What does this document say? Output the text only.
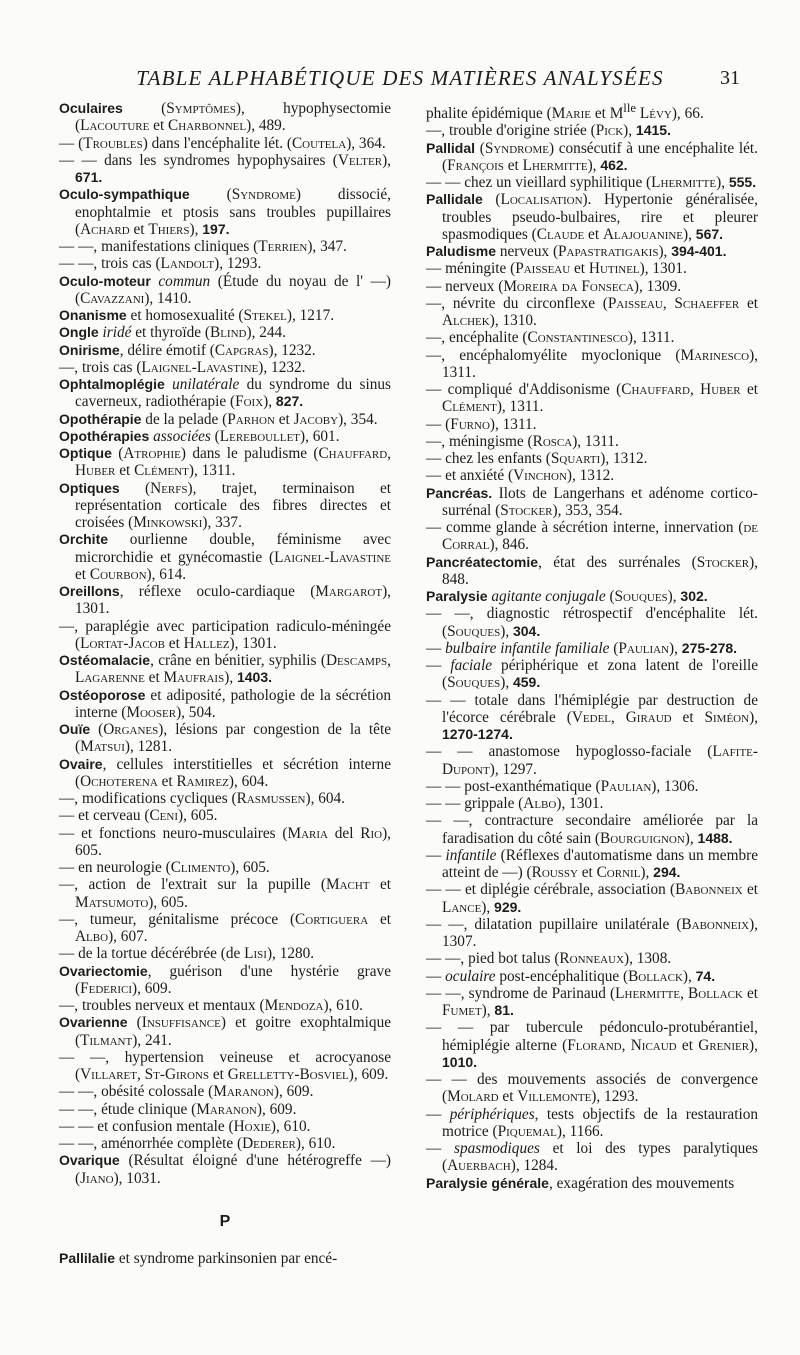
TABLE ALPHABÉTIQUE DES MATIÈRES ANALYSÉES	31
Oculaires (Symptômes), hypophysectomie (Lacouture et Charbonnel), 489.
— (Troubles) dans l'encéphalite lét. (Coutela), 364.
— — dans les syndromes hypophysaires (Velter), 671.
Oculo-sympathique (Syndrome) dissocié, enophtalmie et ptosis sans troubles pupillaires (Achard et Thiers), 197.
— —, manifestations cliniques (Terrien), 347.
— —, trois cas (Landolt), 1293.
Oculo-moteur commun (Étude du noyau de l' —) (Cavazzani), 1410.
Onanisme et homosexualité (Stekel), 1217.
Ongle iridé et thyroïde (Blind), 244.
Onirisme, délire émotif (Capgras), 1232.
—, trois cas (Laignel-Lavastine), 1232.
Ophtalmoplégie unilatérale du syndrome du sinus caverneux, radiothérapie (Foix), 827.
Opothérapie de la pelade (Parhon et Jacoby), 354.
Opothérapies associées (Lereboullet), 601.
Optique (Atrophie) dans le paludisme (Chauffard, Huber et Clément), 1311.
Optiques (Nerfs), trajet, terminaison et représentation corticale des fibres directes et croisées (Minkowski), 337.
Orchite ourlienne double, féminisme avec microrchidie et gynécomastie (Laignel-Lavastine et Courbon), 614.
Oreillons, réflexe oculo-cardiaque (Margarot), 1301.
—, paraplégie avec participation radiculo-méningée (Lortat-Jacob et Hallez), 1301.
Ostéomalacie, crâne en bénitier, syphilis (Descamps, Lagarenne et Maufrais), 1403.
Ostéoporose et adiposité, pathologie de la sécrétion interne (Mooser), 504.
Ouïe (Organes), lésions par congestion de la tête (Matsui), 1281.
Ovaire, cellules interstitielles et sécrétion interne (Ochoterena et Ramirez), 604.
—, modifications cycliques (Rasmussen), 604.
— et cerveau (Ceni), 605.
— et fonctions neuro-musculaires (Maria del Rio), 605.
— en neurologie (Climento), 605.
—, action de l'extrait sur la pupille (Macht et Matsumoto), 605.
—, tumeur, génitalisme précoce (Cortiguera et Albo), 607.
— de la tortue décérébrée (de Lisi), 1280.
Ovariectomie, guérison d'une hystérie grave (Federici), 609.
—, troubles nerveux et mentaux (Mendoza), 610.
Ovarienne (Insuffisance) et goitre exophtalmique (Tilmant), 241.
— —, hypertension veineuse et acrocyanose (Villaret, St-Girons et Grelletty-Bosviel), 609.
— —, obésité colossale (Maranon), 609.
— —, étude clinique (Maranon), 609.
— — et confusion mentale (Hoxie), 610.
— —, aménorrhée complète (Dederer), 610.
Ovarique (Résultat éloigné d'une hétérogreffe —) (Jiano), 1031.
P
Pallilalie et syndrome parkinsonien par encé-
phalite épidémique (Marie et $M^{lle}$ Lévy), 66.
—, trouble d'origine striée (Pick), 1415.
Pallidal (Syndrome) consécutif à une encéphalite lét. (François et Lhermitte), 462.
— — chez un vieillard syphilitique (Lhermitte), 555.
Pallidale (Localisation). Hypertonie généralisée, troubles pseudo-bulbaires, rire et pleurer spasmodiques (Claude et Alajouanine), 567.
Paludisme nerveux (Papastratigakis), 394-401.
— méningite (Paisseau et Hutinel), 1301.
— nerveux (Moreira da Fonseca), 1309.
—, névrite du circonflexe (Paisseau, Schaeffer et Alchek), 1310.
—, encéphalite (Constantinesco), 1311.
—, encéphalomyélite myoclonique (Marinesco), 1311.
— compliqué d'Addisonisme (Chauffard, Huber et Clément), 1311.
— (Furno), 1311.
—, méningisme (Rosca), 1311.
— chez les enfants (Squarti), 1312.
— et anxiété (Vinchon), 1312.
Pancréas. Ilots de Langerhans et adénome cortico-surrénal (Stocker), 353, 354.
— comme glande à sécrétion interne, innervation (de Corral), 846.
Pancréatectomie, état des surrénales (Stocker), 848.
Paralysie agitante conjugale (Souques), 302.
— —, diagnostic rétrospectif d'encéphalite lét. (Souques), 304.
— bulbaire infantile familiale (Paulian), 275-278.
— faciale périphérique et zona latent de l'oreille (Souques), 459.
— — totale dans l'hémiplégie par destruction de l'écorce cérébrale (Vedel, Giraud et Siméon), 1270-1274.
— — anastomose hypoglosso-faciale (Lafite-Dupont), 1297.
— — post-exanthématique (Paulian), 1306.
— — grippale (Albo), 1301.
— —, contracture secondaire améliorée par la faradisation du côté sain (Bourguignon), 1488.
— infantile (Réflexes d'automatisme dans un membre atteint de —) (Roussy et Cornil), 294.
— — et diplégie cérébrale, association (Babonneix et Lance), 929.
— —, dilatation pupillaire unilatérale (Babonneix), 1307.
— —, pied bot talus (Ronneaux), 1308.
— oculaire post-encéphalitique (Bollack), 74.
— —, syndrome de Parinaud (Lhermitte, Bollack et Fumet), 81.
— — par tubercule pédonculo-protubérantiel, hémiplégie alterne (Florand, Nicaud et Grenier), 1010.
— — des mouvements associés de convergence (Molard et Villemonte), 1293.
— périphériques, tests objectifs de la restauration motrice (Piquemal), 1166.
— spasmodiques et loi des types paralytiques (Auerbach), 1284.
Paralysie générale, exagération des mouvements
